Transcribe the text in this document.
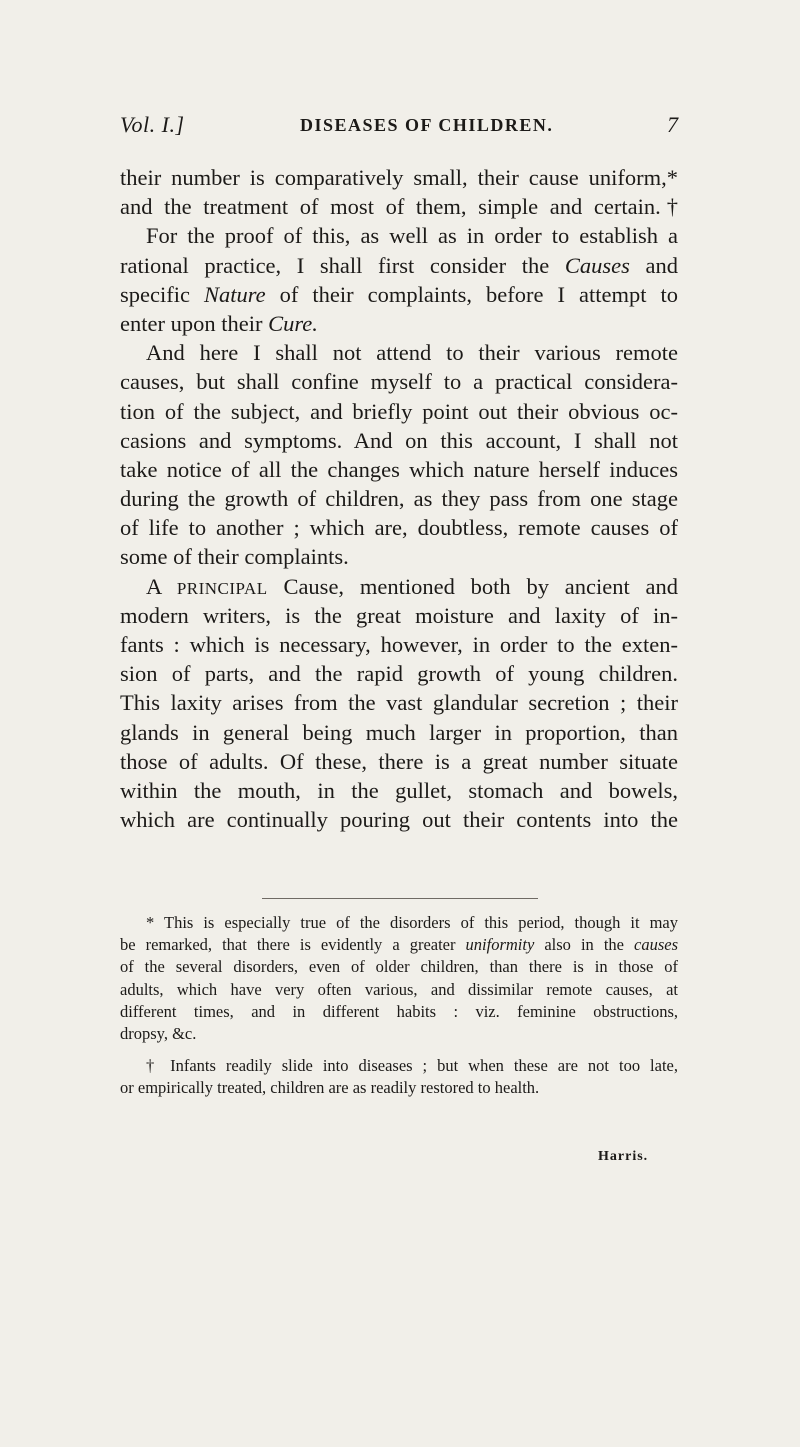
Vol. I.]	DISEASES OF CHILDREN.	7
their number is comparatively small, their cause uniform,*
and the treatment of most of them, simple and certain.†
For the proof of this, as well as in order to establish a
rational practice, I shall first consider the Causes and
specific Nature of their complaints, before I attempt to
enter upon their Cure.
And here I shall not attend to their various remote
causes, but shall confine myself to a practical considera-
tion of the subject, and briefly point out their obvious oc-
casions and symptoms. And on this account, I shall not
take notice of all the changes which nature herself induces
during the growth of children, as they pass from one stage
of life to another ; which are, doubtless, remote causes of
some of their complaints.
A PRINCIPAL Cause, mentioned both by ancient and
modern writers, is the great moisture and laxity of in-
fants : which is necessary, however, in order to the exten-
sion of parts, and the rapid growth of young children.
This laxity arises from the vast glandular secretion ; their
glands in general being much larger in proportion, than
those of adults. Of these, there is a great number situate
within the mouth, in the gullet, stomach and bowels,
which are continually pouring out their contents into the
* This is especially true of the disorders of this period, though it may
be remarked, that there is evidently a greater uniformity also in the causes
of the several disorders, even of older children, than there is in those of
adults, which have very often various, and dissimilar remote causes, at
different times, and in different habits : viz. feminine obstructions,
dropsy, &c.
† Infants readily slide into diseases ; but when these are not too late,
or empirically treated, children are as readily restored to health.
Harris.
